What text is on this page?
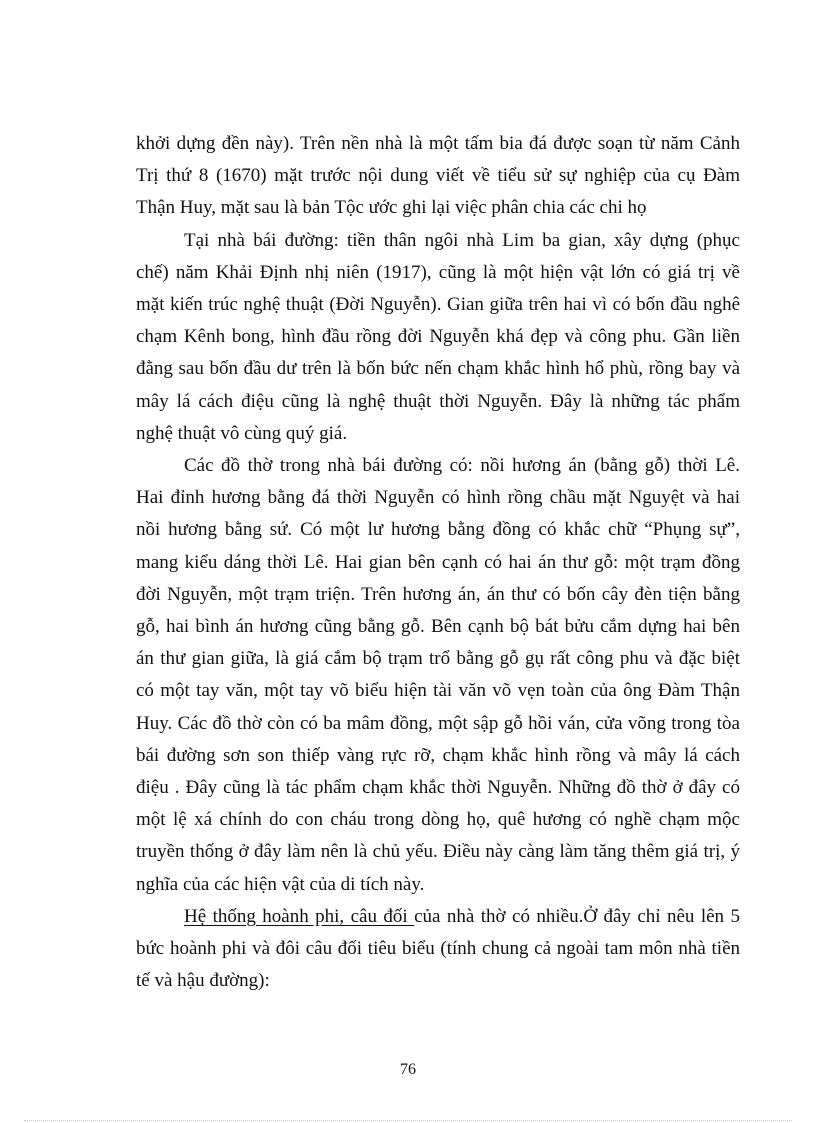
khởi dựng đền này). Trên nền nhà là một tấm bia đá được soạn từ năm Cảnh
Trị thứ 8 (1670) mặt trước nội dung viết về tiểu sử sự nghiệp của cụ Đàm

Thận Huy, mặt sau là bản Tộc ước ghi lại việc phân chia các chi họ

Tại nhà bái đường: tiền thân ngôi nhà Lim ba gian, xây dựng (phục
chế) năm Khải Định nhị niên (1917), cũng là một hiện vật lớn có giá trị về
mặt kiến trúc nghệ thuật (Đời Nguyễn). Gian giữa trên hai vì có bốn đầu nghê
chạm Kênh bong, hình đầu rồng đời Nguyễn khá đẹp và công phu. Gần liền
đằng sau bốn đầu dư trên là bốn bức nến chạm khắc hình hổ phù, rồng bay và
mây lá cách điệu cũng là nghệ thuật thời Nguyễn. Đây là những tác phẩm

nghệ thuật vô cùng quý giá.

Các đồ thờ trong nhà bái đường có: nồi hương án (bằng gỗ) thời Lê.
Hai đỉnh hương bằng đá thời Nguyễn có hình rồng chầu mặt Nguyệt và hai
nồi hương bằng sứ. Có một lư hương bằng đồng có khắc chữ “Phụng sự”,
mang kiểu dáng thời Lê. Hai gian bên cạnh có hai án thư gỗ: một trạm đồng
đời Nguyễn, một trạm triện. Trên hương án, án thư có bốn cây đèn tiện bằng
gỗ, hai bình án hương cũng bằng gỗ. Bên cạnh bộ bát bửu cắm dựng hai bên
án thư gian giữa, là giá cắm bộ trạm trổ bằng gỗ gụ rất công phu và đặc biệt
có một tay văn, một tay võ biểu hiện tài văn võ vẹn toàn của ông Đàm Thận
Huy. Các đồ thờ còn có ba mâm đồng, một sập gỗ hồi ván, cửa võng trong tòa
bái đường sơn son thiếp vàng rực rỡ, chạm khắc hình rồng và mây lá cách
điệu . Đây cũng là tác phẩm chạm khắc thời Nguyễn. Những đồ thờ ở đây có
một lệ xá chính do con cháu trong dòng họ, quê hương có nghề chạm mộc
truyền thống ở đây làm nên là chủ yếu. Điều này càng làm tăng thêm giá trị, ý

nghĩa của các hiện vật của di tích này.

Hệ thống hoành phi, câu đối của nhà thờ có nhiều.Ở đây chỉ nêu lên 5
bức hoành phi và đôi câu đối tiêu biểu (tính chung cả ngoài tam môn nhà tiền

tế và hậu đường):

76
